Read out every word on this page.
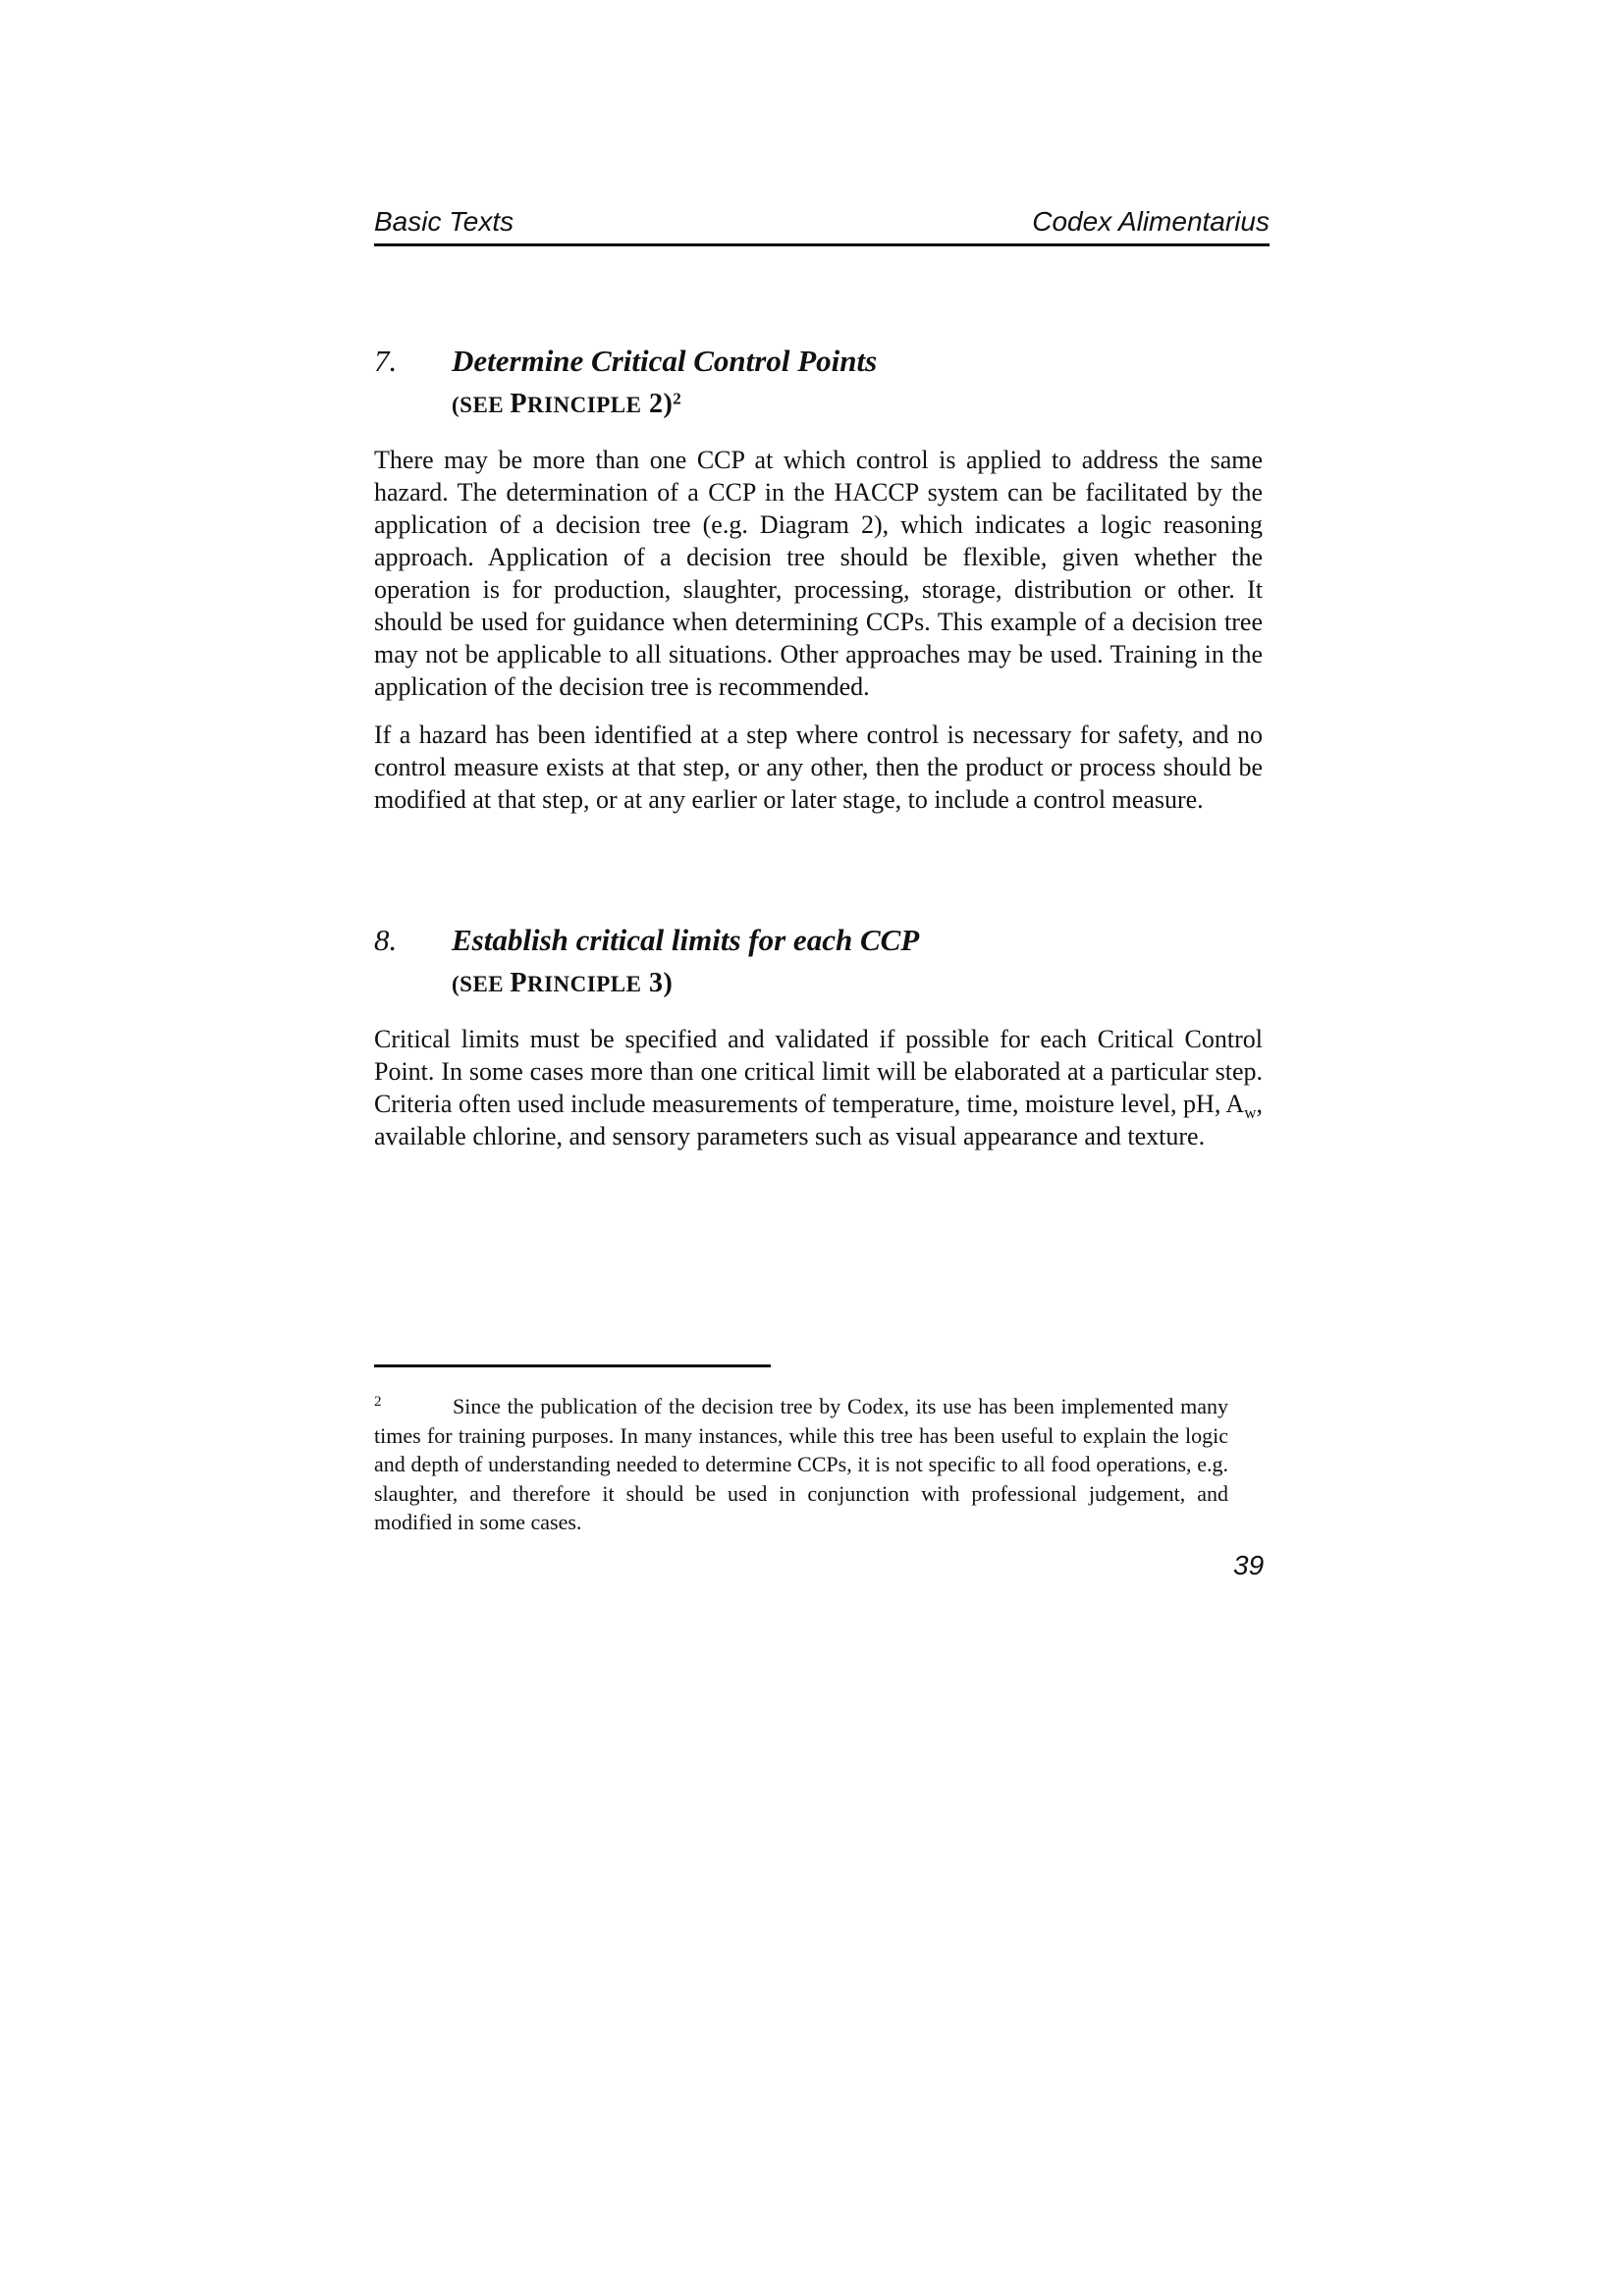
Basic Texts	Codex Alimentarius
7. Determine Critical Control Points
(SEE PRINCIPLE 2)$^2$

There may be more than one CCP at which control is applied to address the same hazard. The determination of a CCP in the HACCP system can be facilitated by the application of a decision tree (e.g. Diagram 2), which indicates a logic reasoning approach. Application of a decision tree should be flexible, given whether the operation is for production, slaughter, processing, storage, distribution or other. It should be used for guidance when determining CCPs. This example of a decision tree may not be applicable to all situations. Other approaches may be used. Training in the application of the decision tree is recommended.

If a hazard has been identified at a step where control is necessary for safety, and no control measure exists at that step, or any other, then the product or process should be modified at that step, or at any earlier or later stage, to include a control measure.

8. Establish critical limits for each CCP
(SEE PRINCIPLE 3)

Critical limits must be specified and validated if possible for each Critical Control Point. In some cases more than one critical limit will be elaborated at a particular step. Criteria often used include measurements of temperature, time, moisture level, pH, $A_w$, available chlorine, and sensory parameters such as visual appearance and texture.

2	Since the publication of the decision tree by Codex, its use has been implemented many times for training purposes. In many instances, while this tree has been useful to explain the logic and depth of understanding needed to determine CCPs, it is not specific to all food operations, e.g. slaughter, and therefore it should be used in conjunction with professional judgement, and modified in some cases.
39
